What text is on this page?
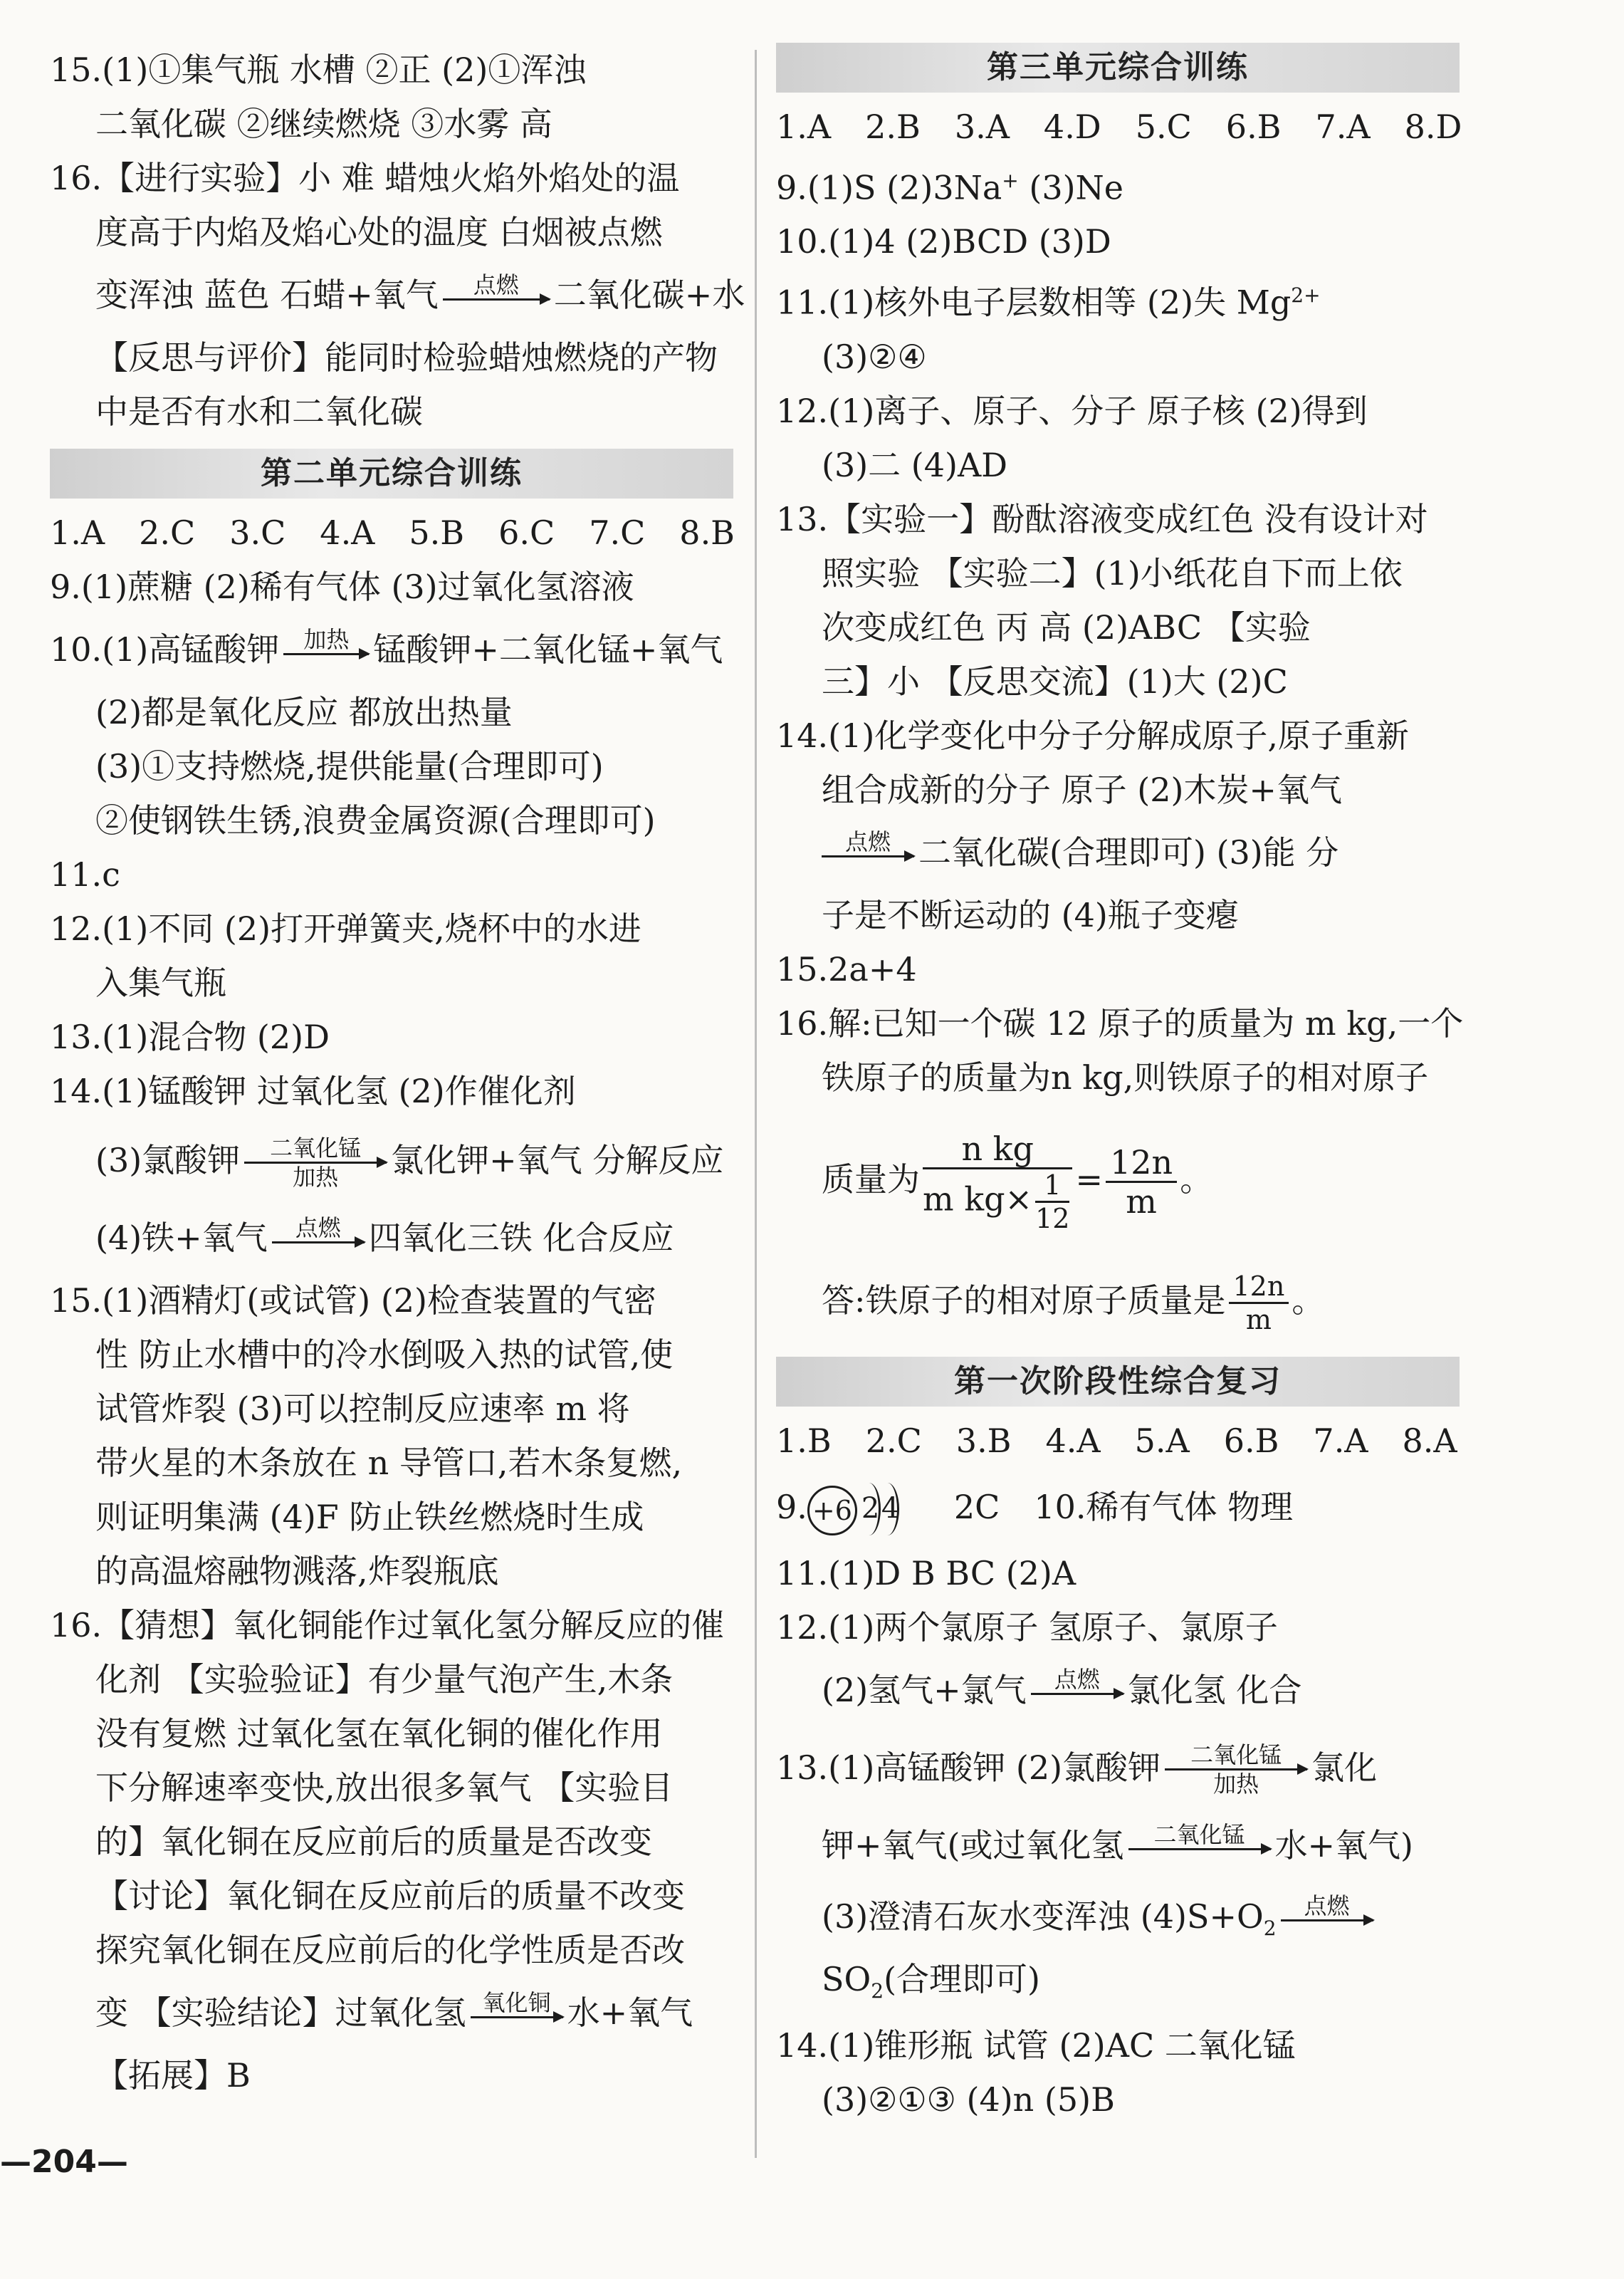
15.(1)①集气瓶 水槽 ②正 (2)①浑浊
二氧化碳 ②继续燃烧 ③水雾 高
16.【进行实验】小 难 蜡烛火焰外焰处的温
度高于内焰及焰心处的温度 白烟被点燃
变浑浊 蓝色 石蜡+氧气	点燃	二氧化碳+水
【反思与评价】能同时检验蜡烛燃烧的产物
中是否有水和二氧化碳
第二单元综合训练
1.A 2.C 3.C 4.A 5.B 6.C 7.C 8.B
9.(1)蔗糖 (2)稀有气体 (3)过氧化氢溶液
10.(1)高锰酸钾	加热 锰酸钾+二氧化锰+氧气
(2)都是氧化反应 都放出热量
(3)①支持燃烧,提供能量(合理即可)
②使钢铁生锈,浪费金属资源(合理即可)
11.c
12.(1)不同 (2)打开弹簧夹,烧杯中的水进
入集气瓶
13.(1)混合物 (2)D
14.(1)锰酸钾 过氧化氢 (2)作催化剂
(3)氯酸钾	二氧化锰
加热	氯化钾+氧气 分解反应
(4)铁+氧气	点燃 四氧化三铁 化合反应
15.(1)酒精灯(或试管) (2)检查装置的气密
性 防止水槽中的冷水倒吸入热的试管,使
试管炸裂 (3)可以控制反应速率 m 将
带火星的木条放在 n 导管口,若木条复燃,
则证明集满 (4)F 防止铁丝燃烧时生成
的高温熔融物溅落,炸裂瓶底
16.【猜想】氧化铜能作过氧化氢分解反应的催
化剂 【实验验证】有少量气泡产生,木条
没有复燃 过氧化氢在氧化铜的催化作用
下分解速率变快,放出很多氧气 【实验目
的】氧化铜在反应前后的质量是否改变
【讨论】氧化铜在反应前后的质量不改变
探究氧化铜在反应前后的化学性质是否改
变 【实验结论】过氧化氢 氧化铜 水+氧气
【拓展】B
第三单元综合训练
1.A 2.B 3.A 4.D 5.C 6.B 7.A 8.D
9.(1)S (2)3Na+ (3)Ne
10.(1)4 (2)BCD (3)D
11.(1)核外电子层数相等 (2)失 $Mg^{2+}$
(3)②④
12.(1)离子、原子、分子 原子核 (2)得到
(3)二 (4)AD
13.【实验一】酚酞溶液变成红色 没有设计对
照实验 【实验二】(1)小纸花自下而上依
次变成红色 丙 高 (2)ABC 【实验
三】小 【反思交流】(1)大 (2)C
14.(1)化学变化中分子分解成原子,原子重新
组合成新的分子 原子 (2)木炭+氧气
点燃 二氧化碳(合理即可) (3)能 分
子是不断运动的 (4)瓶子变瘪
15.2a+4
16.解:已知一个碳 12 原子的质量为 m kg,一个
铁原子的质量为n kg,则铁原子的相对原子
质量为 $\frac{\text{n kg}}{m kg\times \frac{1}{12}} = \frac{12n}{m}$ 。
答:铁原子的相对原子质量是 $\frac{12n}{m}$ 。
第一次阶段性综合复习
1.B 2.C 3.B 4.A 5.A 6.B 7.A 8.A
9. +6 2 4 2C 10.稀有气体 物理
11.(1)D B BC (2)A
12.(1)两个氯原子 氢原子、氯原子
(2)氢气+氯气	点燃 氯化氢 化合
13.(1)高锰酸钾 (2)氯酸钾	二氧化锰
加热	氯化
钾+氧气(或过氧化氢	二氧化锰 水+氧气)
(3)澄清石灰水变浑浊 $(4)S+O_2$
点燃
$SO_2$(合理即可)
14.(1)锥形瓶 试管 (2)AC 二氧化锰
(3)②①③ (4)n (5)B
—204—
